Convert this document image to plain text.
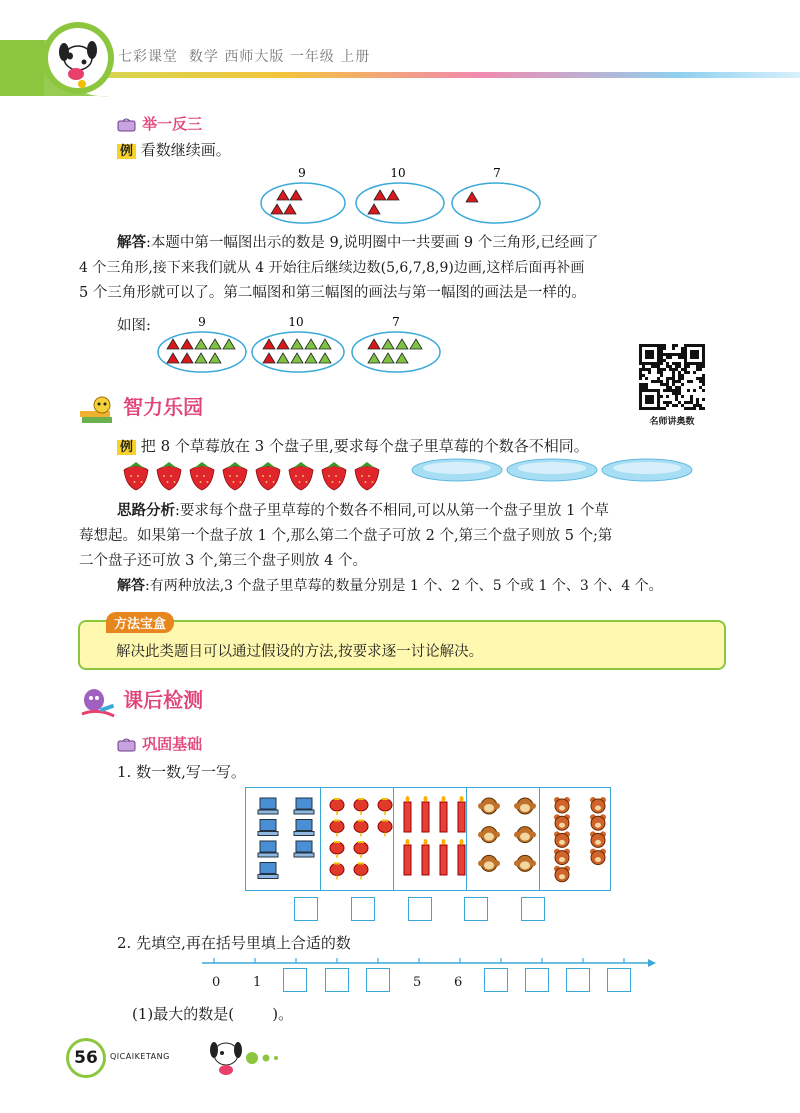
七彩课堂 数学 西师大版 一年级 上册
举一反三
例 看数继续画。
9	10	7
解答:本题中第一幅图出示的数是 9,说明圈中一共要画 9 个三角形,已经画了
4 个三角形,接下来我们就从 4 开始往后继续边数(5,6,7,8,9)边画,这样后面再补画
5 个三角形就可以了。第二幅图和第三幅图的画法与第一幅图的画法是一样的。
如图:	9	10	7
名师讲奥数
智力乐园
例 把 8 个草莓放在 3 个盘子里,要求每个盘子里草莓的个数各不相同。
思路分析:要求每个盘子里草莓的个数各不相同,可以从第一个盘子里放 1 个草
莓想起。如果第一个盘子放 1 个,那么第二个盘子可放 2 个,第三个盘子则放 5 个;第
二个盘子还可放 3 个,第三个盘子则放 4 个。
解答:有两种放法,3 个盘子里草莓的数量分别是 1 个、2 个、5 个或 1 个、3 个、4 个。
方法宝盒
解决此类题目可以通过假设的方法,按要求逐一讨论解决。
课后检测
巩固基础
1. 数一数,写一写。
2. 先填空,再在括号里填上合适的数
0	1	5	6
(1)最大的数是(        )。
56	QICAIKETANG
